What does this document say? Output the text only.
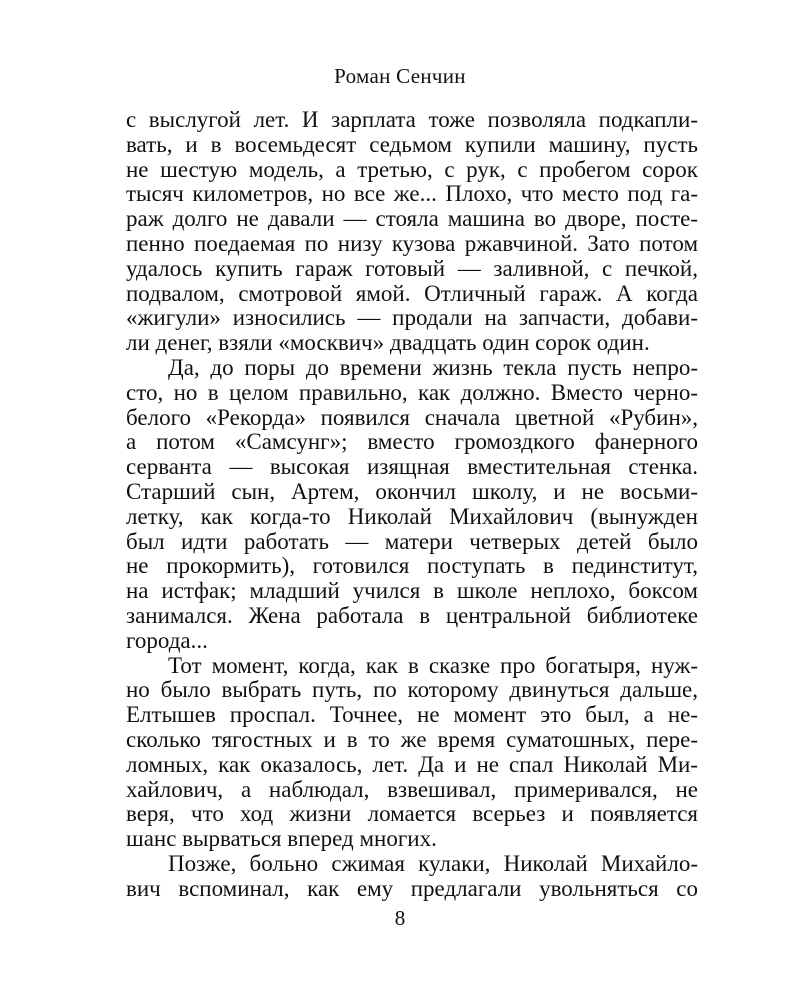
Роман Сенчин
с выслугой лет. И зарплата тоже позволяла подкапли-
вать, и в восемьдесят седьмом купили машину, пусть
не шестую модель, а третью, с рук, с пробегом сорок
тысяч километров, но все же... Плохо, что место под га-
раж долго не давали — стояла машина во дворе, посте-
пенно поедаемая по низу кузова ржавчиной. Зато потом
удалось купить гараж готовый — заливной, с печкой,
подвалом, смотровой ямой. Отличный гараж. А когда
«жигули» износились — продали на запчасти, добави-
ли денег, взяли «москвич» двадцать один сорок один.
Да, до поры до времени жизнь текла пусть непро-
сто, но в целом правильно, как должно. Вместо черно-
белого «Рекорда» появился сначала цветной «Рубин»,
а потом «Самсунг»; вместо громоздкого фанерного
серванта — высокая изящная вместительная стенка.
Старший сын, Артем, окончил школу, и не восьми-
летку, как когда-то Николай Михайлович (вынужден
был идти работать — матери четверых детей было
не прокормить), готовился поступать в пединститут,
на истфак; младший учился в школе неплохо, боксом
занимался. Жена работала в центральной библиотеке
города...
Тот момент, когда, как в сказке про богатыря, нуж-
но было выбрать путь, по которому двинуться дальше,
Елтышев проспал. Точнее, не момент это был, а не-
сколько тягостных и в то же время суматошных, пере-
ломных, как оказалось, лет. Да и не спал Николай Ми-
хайлович, а наблюдал, взвешивал, примеривался, не
веря, что ход жизни ломается всерьез и появляется
шанс вырваться вперед многих.
Позже, больно сжимая кулаки, Николай Михайло-
вич вспоминал, как ему предлагали увольняться со
8
